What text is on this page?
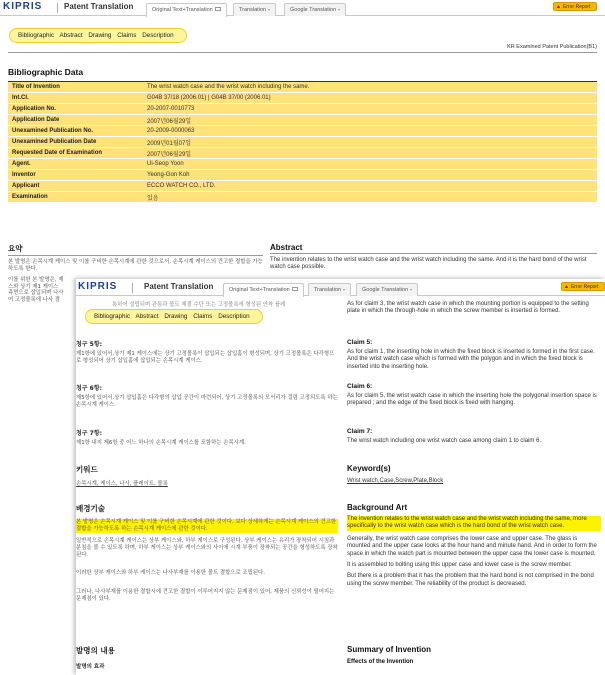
KIPRIS	Patent Translation	Original Text+Translation	Translation ▾	Google Translation ▾	▲ Error Report
Bibliographic Abstract Drawing Claims Description
KR Examined Patent Publication(B1)
Bibliographic Data
Title of Invention	The wrist watch case and the wrist watch including the same.
Int.Cl.	G04B 37/18 (2006.01) | G04B 37/00 (2006.01)
Application No.	20-2007-0010773
Application Date	2007년06월29일
Unexamined Publication No.	20-2009-0000063
Unexamined Publication Date	2009년01월07일
Requested Date of Examination	2007년06월29일
Agent.	Ui-Seop Yoon
Inventor	Yeong-Gon Koh
Applicant	ECCO WATCH CO., LTD.
Examination	있음
요약
본 발명은 손목시계 케이스 및 이를 구비한 손목시계에 관한 것으로서, 손목시계 케이스의 견고한 결합을 가능하도록 한다.
이를 위한 본 발명은, 제
스와 상기 제1 케이스
측면으로 삽입되며 나사
여 고정볼록에 나사 결
Abstract
The invention relates to the wrist watch case and the wrist watch including the same. And it is the hard bond of the wrist watch case possible.
KIPRIS	Patent Translation	Original Text+Translation	Translation ▾	Google Translation ▾	▲ Error Report
통하여 설립되며 관통과 볼트 체결 수단 또는 고정볼록에 형성된 안착 플레	As for claim 3, the wrist watch case in which the mounting portion is equipped to the setting plate in which the through-hole in which the screw member is inserted is formed.
Bibliographic Abstract Drawing Claims Description
청구 5항:
제1항에 있어서,상기 제1 케이스에는 상기 고정볼록이 삽입되는 삽입홈이 형성되며, 상기 고정볼록은 다각형으로 형성되어 상기 삽입홈에 삽입되는 손목시계 케이스.
Claim 5:
As for claim 1, the inserting hole in which the fixed block is inserted is formed in the first case. And the wrist watch case which is formed with the polygon and in which the fixed block is inserted into the inserting hole.
청구 6항:
제5항에 있어서,상기 삽입홈은 다각형의 삽입 공간이 마련되어, 상기 고정볼록의 모서리가 걸림 고정되도록 하는 손목시계 케이스.
Claim 6:
As for claim 5, the wrist watch case in which the inserting hole the polygonal insertion space is prepared ; and the edge of the fixed block is fixed with hanging.
청구 7항:
제1항 내지 제6항 중 어느 하나의 손목시계 케이스를 포함하는 손목시계.
Claim 7:
The wrist watch including one wrist watch case among claim 1 to claim 6.
키워드
손목시계, 케이스, 나사, 플레이트, 볼록
Keyword(s)
Wrist watch,Case,Screw,Plate,Block
배경기술
본 발명은 손목시계 케이스 및 이를 구비한 손목시계에 관한 것이다. 보다 상세하게는 손목시계 케이스의 견고한 결합을 가능하도록 하는 손목시계 케이스에 관한 것이다.
일반적으로 손목시계 케이스는 상부 케이스와, 하부 케이스로 구성된다. 상부 케이스는 유리가 장착되어 시침과 분침을 볼 수 있도록 하며, 하부 케이스는 상부 케이스와의 사이에 시계 부품이 장착되는 공간을 형성하도록 장착된다.
이러한 상부 케이스와 하부 케이스는 나사부재를 이용한 볼트 결합으로 조립된다.
그러나, 나사부재를 이용한 결합시에 견고한 결합이 이루어지지 않는 문제점이 있어, 제품의 신뢰성이 떨어지는 문제점이 있다.
Background Art
The invention relates to the wrist watch case and the wrist watch including the same, more specifically to the wrist watch case which is the hard bond of the wrist watch case.
Generally, the wrist watch case comprises the lower case and upper case. The glass is mounted and the upper case looks at the hour hand and minute hand. And in order to form the space in which the watch part is mounted between the upper case the lower case is mounted.
It is assembled to bolting using this upper case and lower case is the screw member.
But there is a problem that it has the problem that the hard bond is not comprised in the bond using the screw member. The reliability of the product is decreased.
발명의 내용
발명의 효과
Summary of Invention
Effects of the Invention
